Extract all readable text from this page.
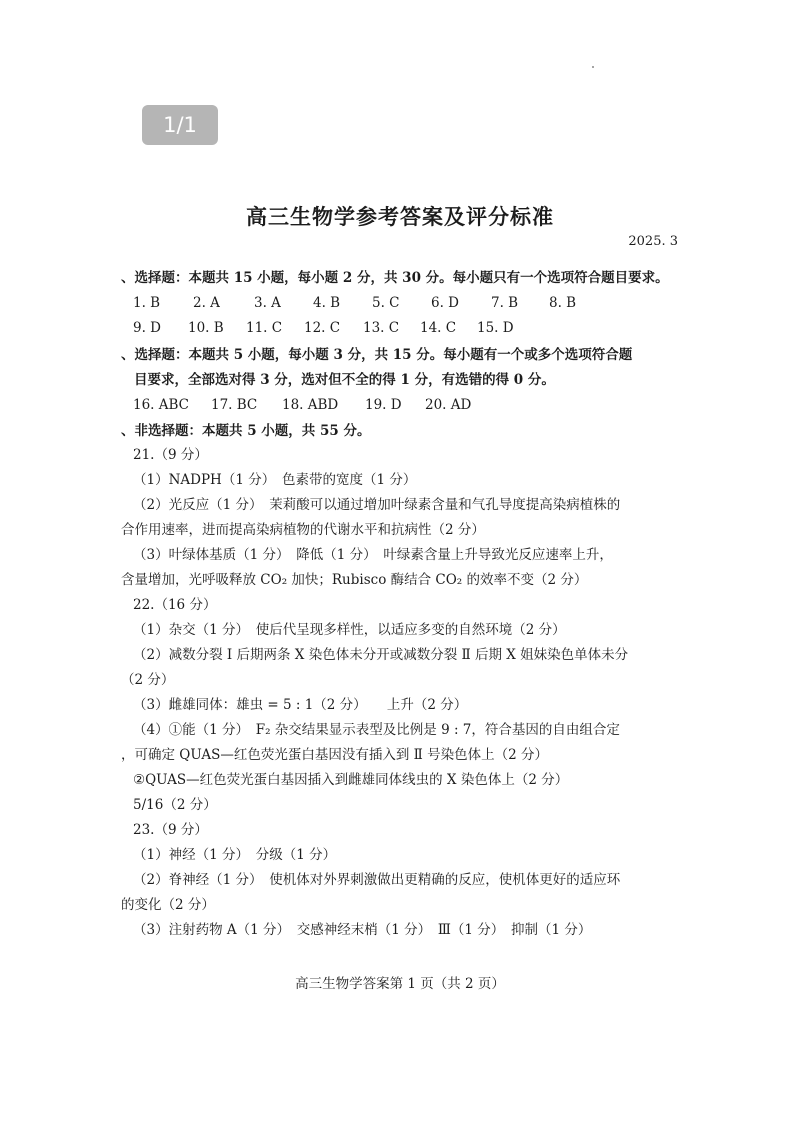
1/1
高三生物学参考答案及评分标准
2025. 3
、选择题：本题共 15 小题，每小题 2 分，共 30 分。每小题只有一个选项符合题目要求。
1. B	2. A	3. A	4. B	5. C	6. D	7. B	8. B
9. D	10. B	11. C	12. C	13. C	14. C	15. D
、选择题：本题共 5 小题，每小题 3 分，共 15 分。每小题有一个或多个选项符合题
目要求，全部选对得 3 分，选对但不全的得 1 分，有选错的得 0 分。
16. ABC	17. BC	18. ABD	19. D	20. AD
、非选择题：本题共 5 小题，共 55 分。
21.（9 分）
（1）NADPH（1 分）　色素带的宽度（1 分）
（2）光反应（1 分）　茉莉酸可以通过增加叶绿素含量和气孔导度提高染病植株的
合作用速率，进而提高染病植物的代谢水平和抗病性（2 分）
（3）叶绿体基质（1 分）　降低（1 分）　叶绿素含量上升导致光反应速率上升，
含量增加，光呼吸释放 CO₂ 加快；Rubisco 酶结合 CO₂ 的效率不变（2 分）
22.（16 分）
（1）杂交（1 分）　使后代呈现多样性，以适应多变的自然环境（2 分）
（2）减数分裂 Ⅰ 后期两条 X 染色体未分开或减数分裂 Ⅱ 后期 X 姐妹染色单体未分
（2 分）
（3）雌雄同体：雄虫 = 5 : 1（2 分）　　上升（2 分）
（4）①能（1 分）　F₂ 杂交结果显示表型及比例是 9 : 7，符合基因的自由组合定
，可确定 QUAS—红色荧光蛋白基因没有插入到 Ⅱ 号染色体上（2 分）
②QUAS—红色荧光蛋白基因插入到雌雄同体线虫的 X 染色体上（2 分）
5/16（2 分）
23.（9 分）
（1）神经（1 分）　分级（1 分）
（2）脊神经（1 分）　使机体对外界刺激做出更精确的反应，使机体更好的适应环
的变化（2 分）
（3）注射药物 A（1 分）　交感神经末梢（1 分）　Ⅲ（1 分）　抑制（1 分）
高三生物学答案第 1 页（共 2 页）
